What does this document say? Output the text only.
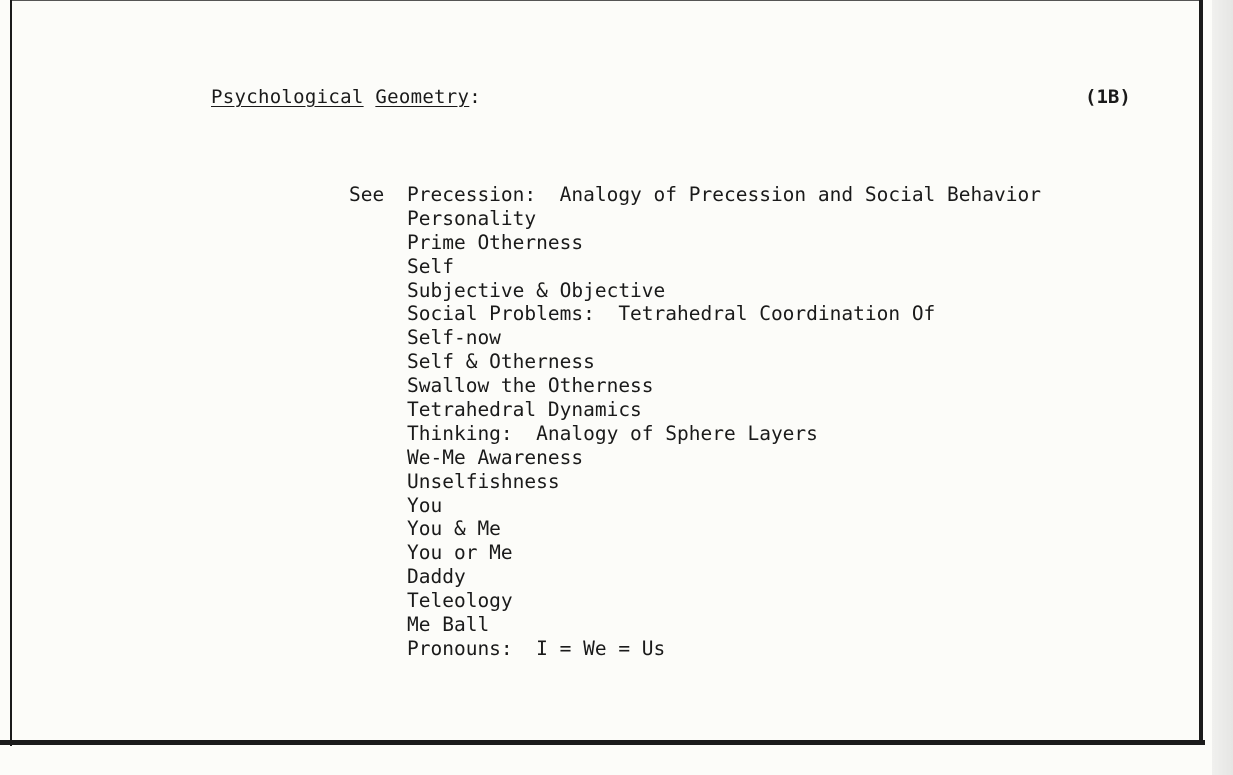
Psychological Geometry:	(1B)
See Precession:  Analogy of Precession and Social Behavior
Personality
Prime Otherness
Self
Subjective & Objective
Social Problems:  Tetrahedral Coordination Of
Self-now
Self & Otherness
Swallow the Otherness
Tetrahedral Dynamics
Thinking:  Analogy of Sphere Layers
We-Me Awareness
Unselfishness
You
You & Me
You or Me
Daddy
Teleology
Me Ball
Pronouns:  I = We = Us
